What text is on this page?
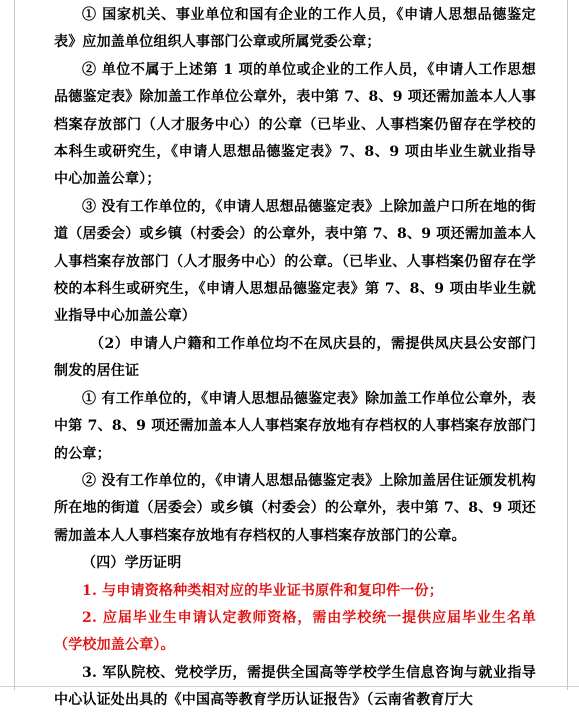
① 国家机关、事业单位和国有企业的工作人员，《申请人思想品德鉴定表》应加盖单位组织人事部门公章或所属党委公章；

② 单位不属于上述第 1 项的单位或企业的工作人员，《申请人工作思想品德鉴定表》除加盖工作单位公章外，表中第 7、8、9 项还需加盖本人人事档案存放部门（人才服务中心）的公章（已毕业、人事档案仍留存在学校的本科生或研究生，《申请人思想品德鉴定表》7、8、9 项由毕业生就业指导中心加盖公章）；

③ 没有工作单位的，《申请人思想品德鉴定表》上除加盖户口所在地的街道（居委会）或乡镇（村委会）的公章外，表中第 7、8、9 项还需加盖本人人事档案存放部门（人才服务中心）的公章。（已毕业、人事档案仍留存在学校的本科生或研究生，《申请人思想品德鉴定表》第 7、8、9 项由毕业生就业指导中心加盖公章）

（2）申请人户籍和工作单位均不在凤庆县的，需提供凤庆县公安部门制发的居住证

① 有工作单位的，《申请人思想品德鉴定表》除加盖工作单位公章外，表中第 7、8、9 项还需加盖本人人事档案存放地有存档权的人事档案存放部门的公章；

② 没有工作单位的，《申请人思想品德鉴定表》上除加盖居住证颁发机构所在地的街道（居委会）或乡镇（村委会）的公章外，表中第 7、8、9 项还需加盖本人人事档案存放地有存档权的人事档案存放部门的公章。

（四）学历证明

1. 与申请资格种类相对应的毕业证书原件和复印件一份；

2. 应届毕业生申请认定教师资格，需由学校统一提供应届毕业生名单（学校加盖公章）。

3. 军队院校、党校学历，需提供全国高等学校学生信息咨询与就业指导中心认证处出具的《中国高等教育学历认证报告》（云南省教育厅大
